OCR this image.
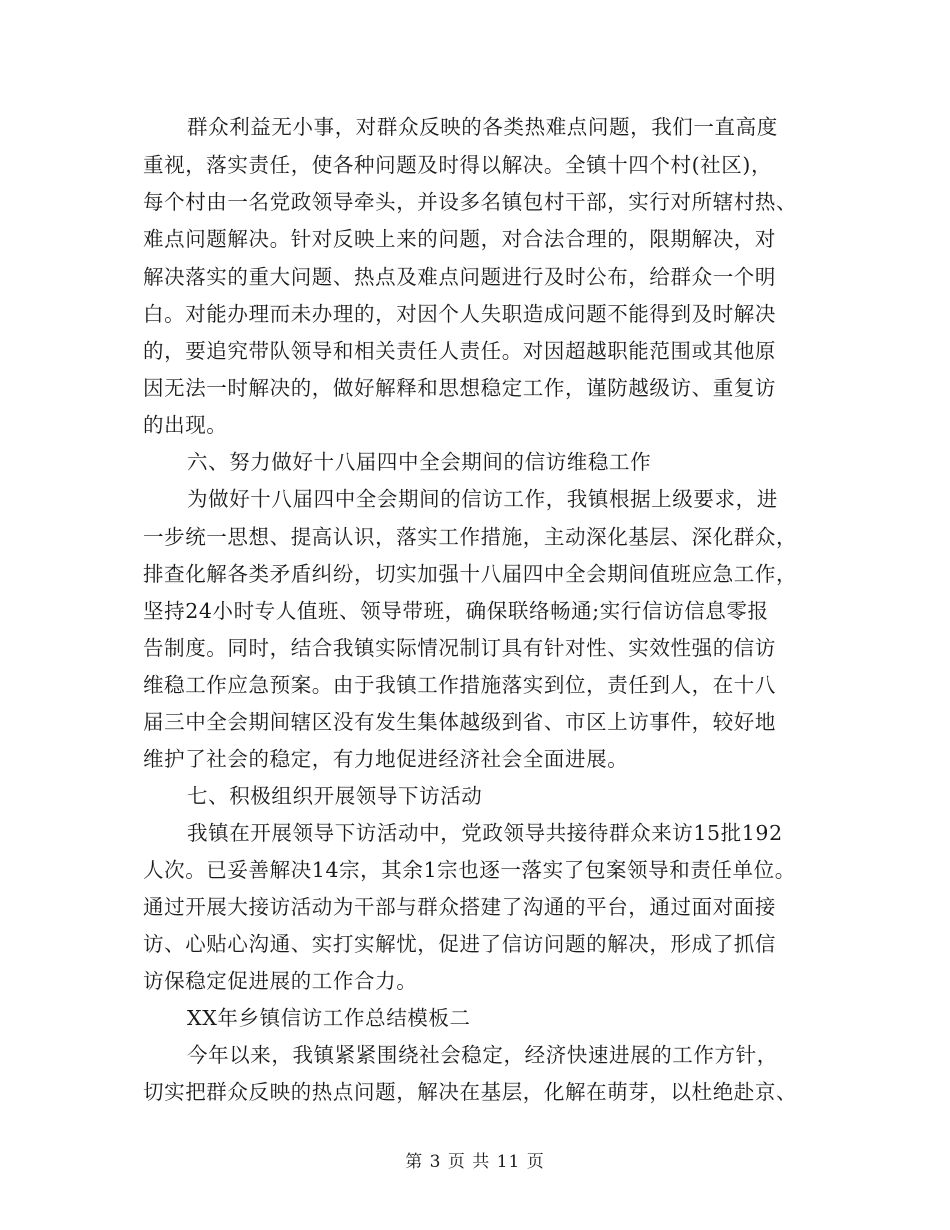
群众利益无小事，对群众反映的各类热难点问题，我们一直高度
重视，落实责任，使各种问题及时得以解决。全镇十四个村(社区)，
每个村由一名党政领导牵头，并设多名镇包村干部，实行对所辖村热、
难点问题解决。针对反映上来的问题，对合法合理的，限期解决，对
解决落实的重大问题、热点及难点问题进行及时公布，给群众一个明
白。对能办理而未办理的，对因个人失职造成问题不能得到及时解决
的，要追究带队领导和相关责任人责任。对因超越职能范围或其他原
因无法一时解决的，做好解释和思想稳定工作，谨防越级访、重复访
的出现。
六、努力做好十八届四中全会期间的信访维稳工作
为做好十八届四中全会期间的信访工作，我镇根据上级要求，进
一步统一思想、提高认识，落实工作措施，主动深化基层、深化群众，
排查化解各类矛盾纠纷，切实加强十八届四中全会期间值班应急工作，
坚持24小时专人值班、领导带班，确保联络畅通;实行信访信息零报
告制度。同时，结合我镇实际情况制订具有针对性、实效性强的信访
维稳工作应急预案。由于我镇工作措施落实到位，责任到人，在十八
届三中全会期间辖区没有发生集体越级到省、市区上访事件，较好地
维护了社会的稳定，有力地促进经济社会全面进展。
七、积极组织开展领导下访活动
我镇在开展领导下访活动中，党政领导共接待群众来访15批192
人次。已妥善解决14宗，其余1宗也逐一落实了包案领导和责任单位。
通过开展大接访活动为干部与群众搭建了沟通的平台，通过面对面接
访、心贴心沟通、实打实解忧，促进了信访问题的解决，形成了抓信
访保稳定促进展的工作合力。
XX年乡镇信访工作总结模板二
今年以来，我镇紧紧围绕社会稳定，经济快速进展的工作方针，
切实把群众反映的热点问题，解决在基层，化解在萌芽，以杜绝赴京、
第 3 页 共 11 页
